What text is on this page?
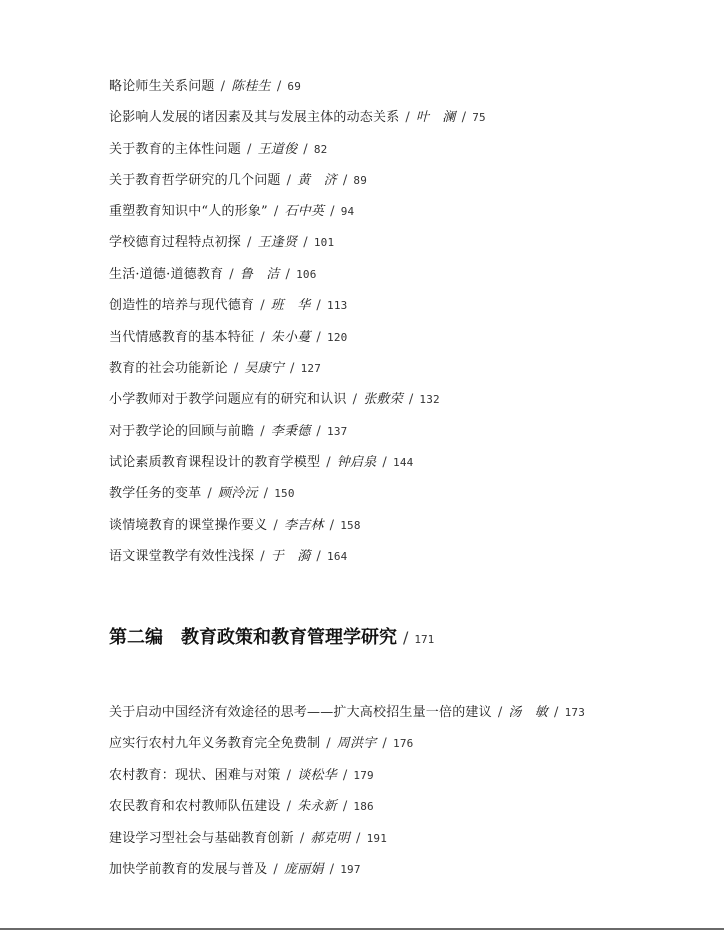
略论师生关系问题 / 陈桂生 / 69
论影响人发展的诸因素及其与发展主体的动态关系 / 叶　澜 / 75
关于教育的主体性问题 / 王道俊 / 82
关于教育哲学研究的几个问题 / 黄　济 / 89
重塑教育知识中“人的形象” / 石中英 / 94
学校德育过程特点初探 / 王逢贤 / 101
生活·道德·道德教育 / 鲁　洁 / 106
创造性的培养与现代德育 / 班　华 / 113
当代情感教育的基本特征 / 朱小蔓 / 120
教育的社会功能新论 / 吴康宁 / 127
小学教师对于教学问题应有的研究和认识 / 张敷荣 / 132
对于教学论的回顾与前瞻 / 李秉德 / 137
试论素质教育课程设计的教育学模型 / 钟启泉 / 144
教学任务的变革 / 顾泠沅 / 150
谈情境教育的课堂操作要义 / 李吉林 / 158
语文课堂教学有效性浅探 / 于　漪 / 164
第二编　教育政策和教育管理学研究 / 171
关于启动中国经济有效途径的思考——扩大高校招生量一倍的建议 / 汤　敏 / 173
应实行农村九年义务教育完全免费制 / 周洪宇 / 176
农村教育：现状、困难与对策 / 谈松华 / 179
农民教育和农村教师队伍建设 / 朱永新 / 186
建设学习型社会与基础教育创新 / 郝克明 / 191
加快学前教育的发展与普及 / 庞丽娟 / 197
